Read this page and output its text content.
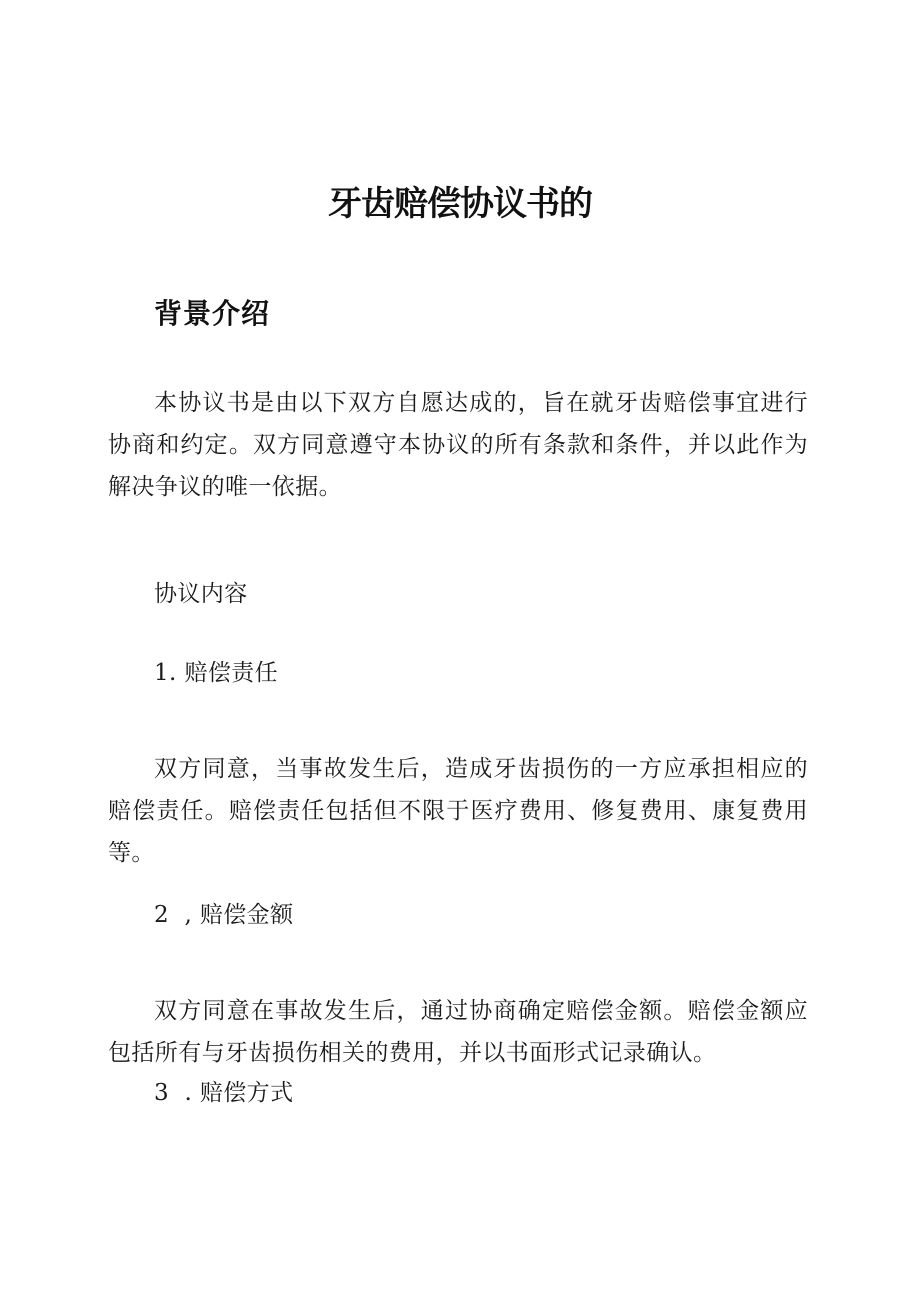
牙齿赔偿协议书的
背景介绍

本协议书是由以下双方自愿达成的，旨在就牙齿赔偿事宜进行协商和约定。双方同意遵守本协议的所有条款和条件，并以此作为解决争议的唯一依据。

协议内容

1. 赔偿责任

双方同意，当事故发生后，造成牙齿损伤的一方应承担相应的赔偿责任。赔偿责任包括但不限于医疗费用、修复费用、康复费用等。

2  , 赔偿金额

双方同意在事故发生后，通过协商确定赔偿金额。赔偿金额应包括所有与牙齿损伤相关的费用，并以书面形式记录确认。

3  . 赔偿方式
